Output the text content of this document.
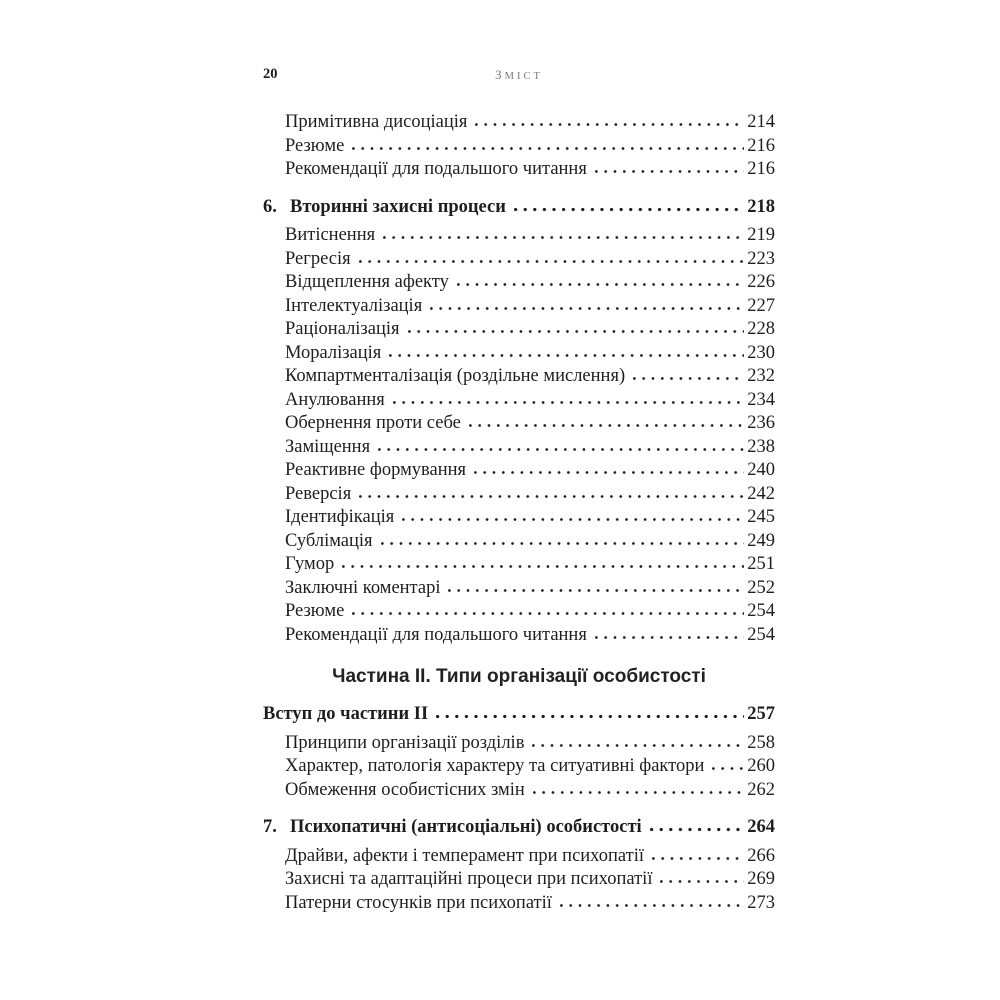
20	ЗМІСТ
Примітивна дисоціація	214
Резюме	216
Рекомендації для подальшого читання	216
6. Вторинні захисні процеси	218
Витіснення	219
Регресія	223
Відщеплення афекту	226
Інтелектуалізація	227
Раціоналізація	228
Моралізація	230
Компартменталізація (роздільне мислення)	232
Анулювання	234
Обернення проти себе	236
Заміщення	238
Реактивне формування	240
Реверсія	242
Ідентифікація	245
Сублімація	249
Гумор	251
Заключні коментарі	252
Резюме	254
Рекомендації для подальшого читання	254
Частина ІІ. Типи організації особистості
Вступ до частини ІІ	257
Принципи організації розділів	258
Характер, патологія характеру та ситуативні фактори 260
Обмеження особистісних змін	262
7. Психопатичні (антисоціальні) особистості	264
Драйви, афекти і темперамент при психопатії	266
Захисні та адаптаційні процеси при психопатії	269
Патерни стосунків при психопатії	273
